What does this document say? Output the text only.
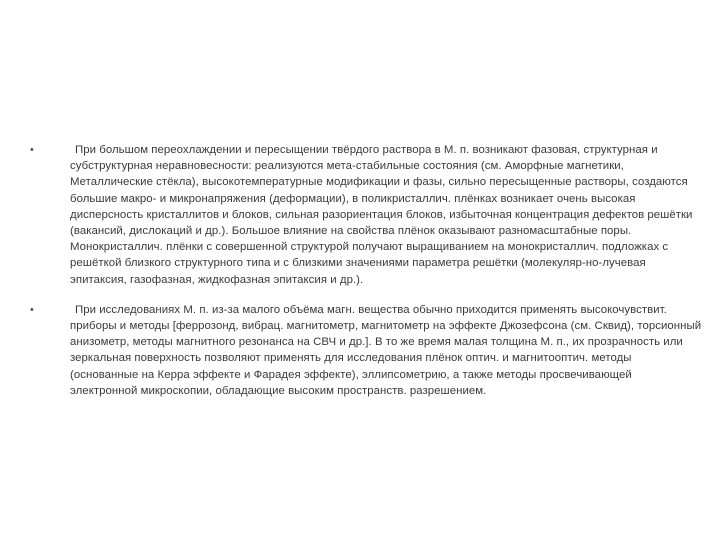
•	При большом переохлаждении и пересыщении твёрдого раствора в М. п. возникают фазовая, структурная и субструктурная неравновесности: реализуются мета-стабильные состояния (см. Аморфные магнетики, Металлические стёкла), высокотемпературные модификации и фазы, сильно пересыщенные растворы, создаются большие макро- и микронапряжения (деформации), в поликристаллич. плёнках возникает очень высокая дисперсность кристаллитов и блоков, сильная разориентация блоков, избыточная концентрация дефектов решётки (вакансий, дислокаций и др.). Большое влияние на свойства плёнок оказывают разномасштабные поры. Монокристаллич. плёнки с совершенной структурой получают выращиванием на монокристаллич. подложках с решёткой близкого структурного типа и с близкими значениями параметра решётки (молекуляр-но-лучевая эпитаксия, газофазная, жидкофазная эпитаксия и др.).
•	При исследованиях М. п. из-за малого объёма магн. вещества обычно приходится применять высокочувствит. приборы и методы [феррозонд, вибрац. магнитометр, магнитометр на эффекте Джозефсона (см. Сквид), торсионный анизометр, методы магнитного резонанса на СВЧ и др.]. В то же время малая толщина М. п., их прозрачность или зеркальная поверхность позволяют применять для исследования плёнок оптич. и магнитооптич. методы (основанные на Керра эффекте и Фарадея эффекте), эллипсометрию, а также методы просвечивающей электронной микроскопии, обладающие высоким пространств. разрешением.
